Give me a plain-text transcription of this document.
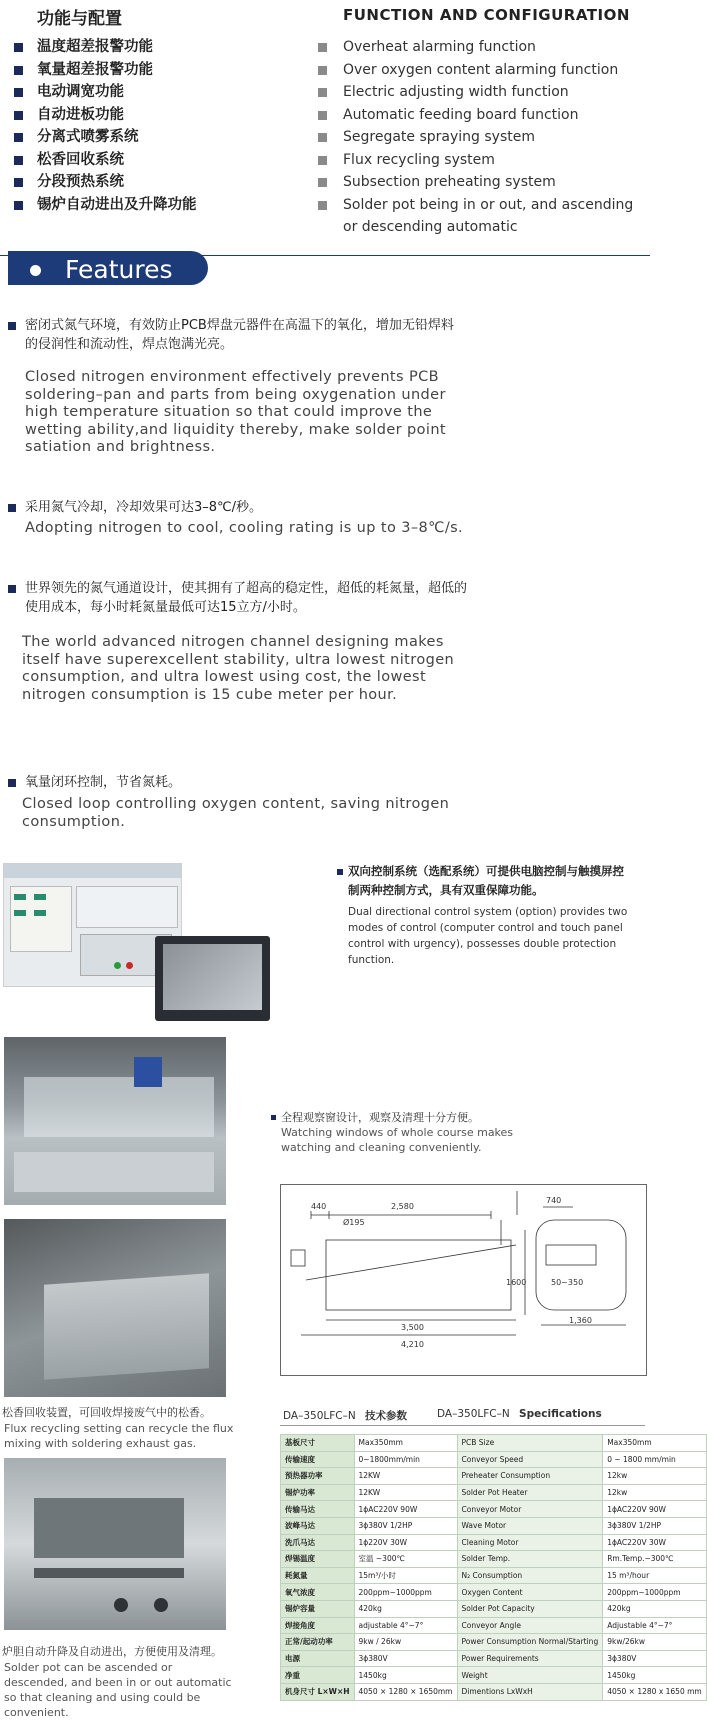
功能与配置	FUNCTION AND CONFIGURATION
温度超差报警功能
氧量超差报警功能
电动调宽功能
自动进板功能
分离式喷雾系统
松香回收系统
分段预热系统
锡炉自动进出及升降功能
Overheat alarming function
Over oxygen content alarming function
Electric adjusting width function
Automatic feeding board function
Segregate spraying system
Flux recycling system
Subsection preheating system
Solder pot being in or out, and ascending or descending automatic
Features
密闭式氮气环境，有效防止PCB焊盘元器件在高温下的氧化，增加无铅焊料的侵润性和流动性，焊点饱满光亮。
Closed nitrogen environment effectively prevents PCB soldering–pan and parts from being oxygenation under high temperature situation so that could improve the wetting ability,and liquidity thereby, make solder point satiation and brightness.
采用氮气冷却，冷却效果可达3–8℃/秒。
Adopting nitrogen to cool, cooling rating is up to 3–8℃/s.
世界领先的氮气通道设计，使其拥有了超高的稳定性，超低的耗氮量，超低的使用成本，每小时耗氮量最低可达15立方/小时。
The world advanced nitrogen channel designing makes itself have superexcellent stability, ultra lowest nitrogen consumption, and ultra lowest using cost, the lowest nitrogen consumption is 15 cube meter per hour.
氧量闭环控制，节省氮耗。
Closed loop controlling oxygen content, saving nitrogen consumption.
双向控制系统（选配系统）可提供电脑控制与触摸屏控制两种控制方式，具有双重保障功能。
Dual directional control system (option) provides two modes of control (computer control and touch panel control with urgency), possesses double protection function.
全程观察窗设计，观察及清理十分方便。
Watching windows of whole course makes watching and cleaning conveniently.
松香回收装置，可回收焊接废气中的松香。
Flux recycling setting can recycle the flux mixing with soldering exhaust gas.
炉胆自动升降及自动进出，方便使用及清理。
Solder pot can be ascended or descended, and been in or out automatic so that cleaning and using could be convenient.
440	2,580
Ø195
740
1600
1,360
3,500
4,210
50~350
DA–350LFC–N 技术参数	DA–350LFC–N Specifications
基板尺寸	Max350mm	PCB Size	Max350mm
传输速度	0~1800mm/min	Conveyor Speed	0 ~ 1800 mm/min
预热器功率	12KW	Preheater Consumption	12kw
锡炉功率	12KW	Solder Pot Heater	12kw
传输马达	1ϕAC220V 90W	Conveyor Motor	1ϕAC220V 90W
波峰马达	3ϕ380V 1/2HP	Wave Motor	3ϕ380V 1/2HP
洗爪马达	1ϕ220V 30W	Cleaning Motor	1ϕAC220V 30W
焊锡温度	室温 ~300℃	Solder Temp.	Rm.Temp.~300℃
耗氮量	15m³/小时	N₂ Consumption	15 m³/hour
氧气浓度	200ppm~1000ppm	Oxygen Content	200ppm~1000ppm
锡炉容量	420kg	Solder Pot Capacity	420kg
焊接角度	adjustable 4°~7°	Conveyor Angle	Adjustable 4°~7°
正常/起动功率	9kw / 26kw	Power Consumption Normal/Starting	9kw/26kw
电源	3ϕ380V	Power Requirements	3ϕ380V
净重	1450kg	Weight	1450kg
机身尺寸 L×W×H	4050 × 1280 × 1650mm	Dimentions LxWxH	4050 × 1280 x 1650 mm
